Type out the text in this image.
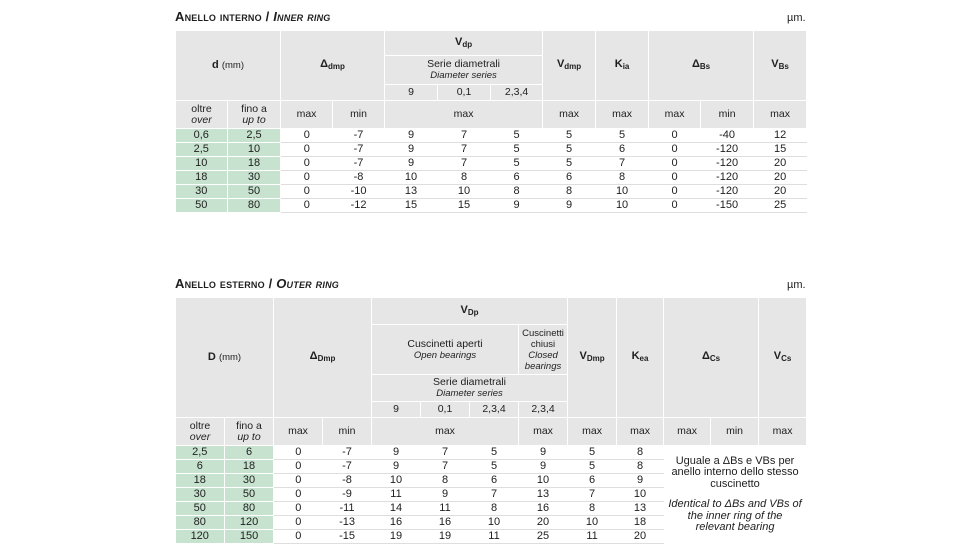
Anello interno / Inner ring	µm.
d (mm)		$\Delta_{dmp}$		$V_{dp}$			$V_{dmp}$	$K_{ia}$	$\Delta_{Bs}$		$V_{Bs}$
				Serie diametrali
Diameter series							
				9	0,1	2,3,4					
oltre
over	fino a
up to	max	min	max			max	max	max	min	max
0,6	2,5	0	-7	9	7	5	5	5	0	-40	12
2,5	10	0	-7	9	7	5	5	6	0	-120	15
10	18	0	-7	9	7	5	5	7	0	-120	20
18	30	0	-8	10	8	6	6	8	0	-120	20
30	50	0	-10	13	10	8	8	10	0	-120	20
50	80	0	-12	15	15	9	9	10	0	-150	25
Anello esterno / Outer ring	µm.
D (mm)		$\Delta_{Dmp}$		$V_{Dp}$				$V_{Dmp}$	$K_{ea}$	$\Delta_{Cs}$		$V_{Cs}$
				Cuscinetti aperti
Open bearings			Cuscinetti
chiusi
Closed
bearings					
				Serie diametrali
Diameter series								
				9	0,1	2,3,4	2,3,4					
oltre
over	fino a
up to	max	min	max			max	max	max	max	min	max
2,5	6	0	-7	9	7	5	9	5	8	Uguale a ΔBs e VBs per anello interno dello stesso cuscinetto
Identical to ΔBs and VBs of the inner ring of the relevant bearing		

6	18	0	-7	9	7	5	9	5	8			
18	30	0	-8	10	8	6	10	6	9			
30	50	0	-9	11	9	7	13	7	10			
50	80	0	-11	14	11	8	16	8	13			
80	120	0	-13	16	16	10	20	10	18			
120	150	0	-15	19	19	11	25	11	20			
